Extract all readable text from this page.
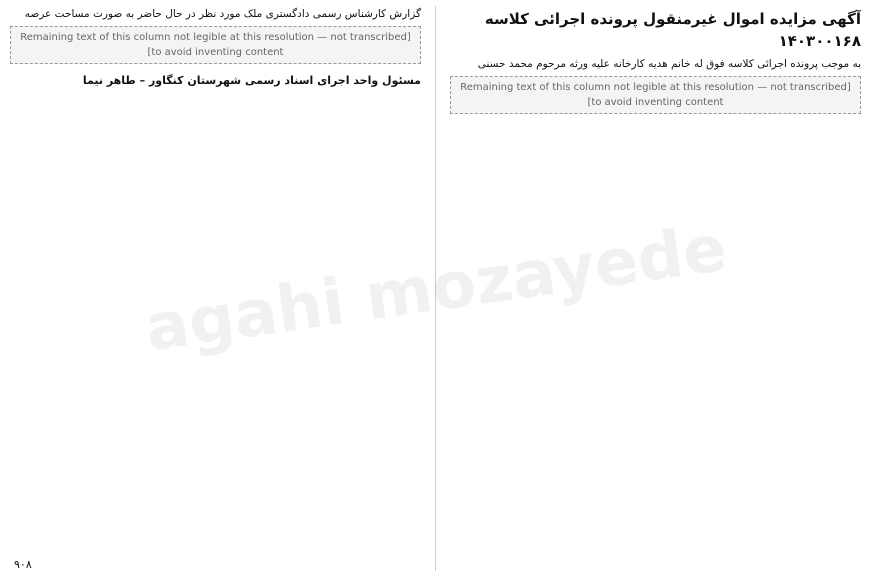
agahi mozayede
آگهی مزایده اموال غیرمنقول پرونده اجرائی کلاسه ۱۴۰۳۰۰۱۶۸

به موجب پرونده اجرائی کلاسه فوق له خانم هدیه کارخانه علیه ورثه مرحوم محمد حسنی

[Remaining text of this column not legible at this resolution — not transcribed to avoid inventing content]

گزارش کارشناس رسمی دادگستری ملک مورد نظر در حال حاضر به صورت مساحت عرصه

[Remaining text of this column not legible at this resolution — not transcribed to avoid inventing content]
مسئول واحد اجرای اسناد رسمی شهرستان کنگاور – طاهر نیما
۹۰۸
